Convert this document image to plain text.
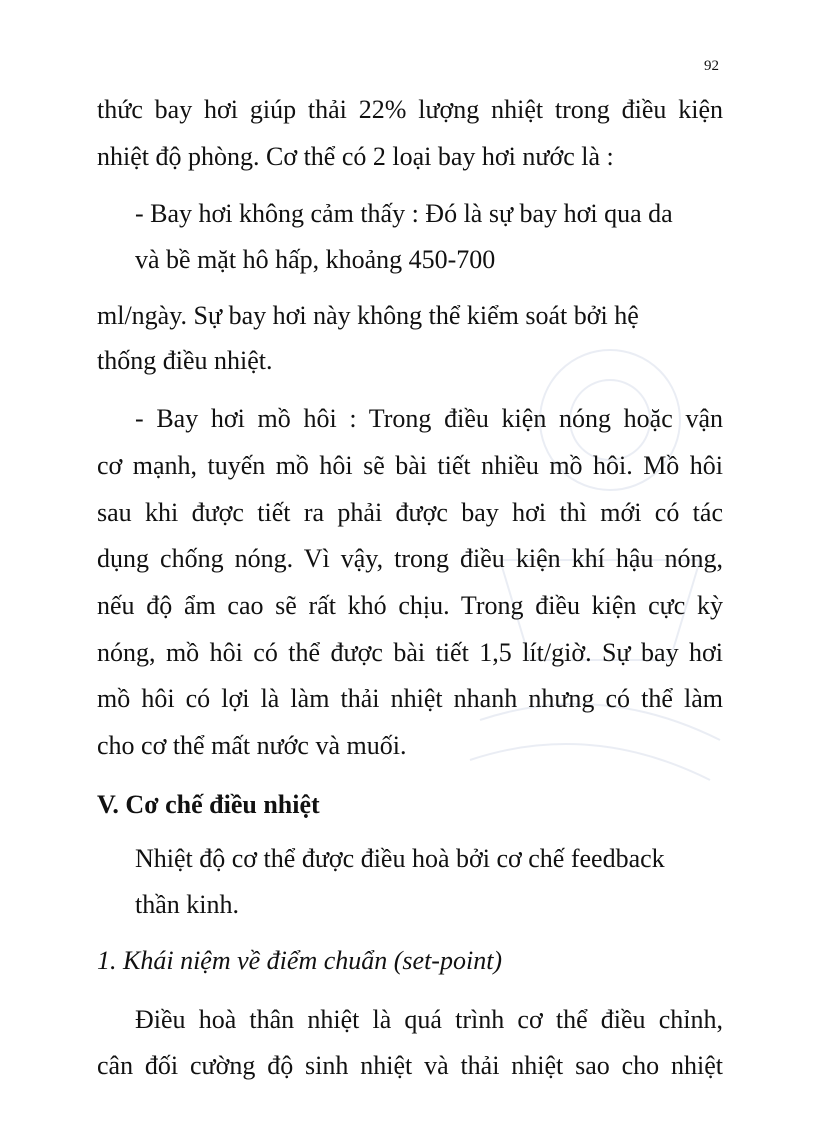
92
thức bay hơi giúp thải 22% lượng nhiệt trong điều kiện
nhiệt độ phòng. Cơ thể có 2 loại bay hơi nước là :
- Bay hơi không cảm thấy : Đó là sự bay hơi qua da
và bề mặt hô hấp, khoảng 450-700
ml/ngày. Sự bay hơi này không thể kiểm soát bởi hệ
thống điều nhiệt.
- Bay hơi mồ hôi : Trong điều kiện nóng hoặc vận
cơ mạnh, tuyến mồ hôi sẽ bài tiết nhiều mồ hôi. Mồ hôi
sau khi được tiết ra phải được bay hơi thì mới có tác
dụng chống nóng. Vì vậy, trong điều kiện khí hậu nóng,
nếu độ ẩm cao sẽ rất khó chịu. Trong điều kiện cực kỳ
nóng, mồ hôi có thể được bài tiết 1,5 lít/giờ. Sự bay hơi
mồ hôi có lợi là làm thải nhiệt nhanh nhưng có thể làm
cho cơ thể mất nước và muối.
V. Cơ chế điều nhiệt
Nhiệt độ cơ thể được điều hoà bởi cơ chế feedback
thần kinh.
1. Khái niệm về điểm chuẩn (set-point)
Điều hoà thân nhiệt là quá trình cơ thể điều chỉnh,
cân đối cường độ sinh nhiệt và thải nhiệt sao cho nhiệt
